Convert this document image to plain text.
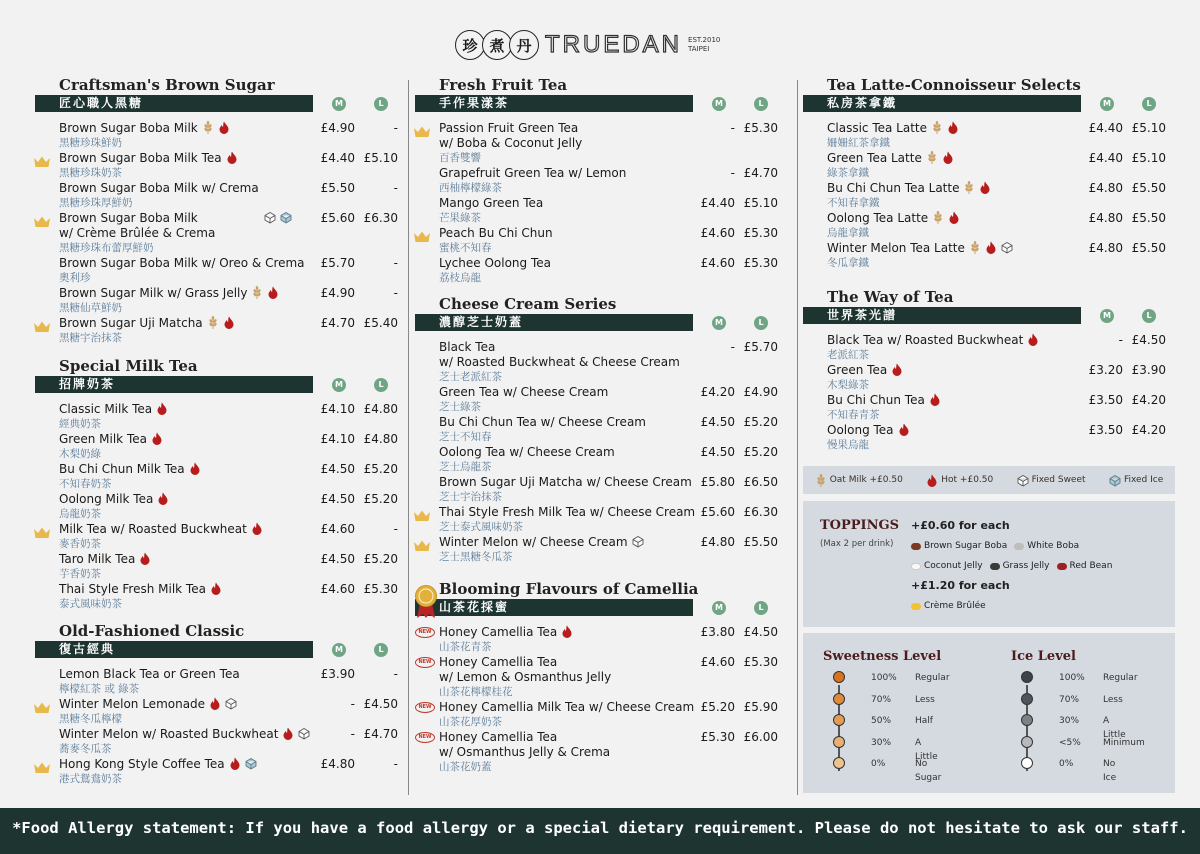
珍 煮 丹 TRUEDAN EST.2010
TAIPEI
Craftsman's Brown Sugar
匠心職人黑糖	M	L
Brown Sugar Boba Milk
黑糖珍珠鮮奶
£4.90	-
Brown Sugar Boba Milk Tea
黑糖珍珠奶茶
£4.40 £5.10
Brown Sugar Boba Milk w/ Crema
黑糖珍珠厚鮮奶
£5.50	-
Brown Sugar Boba Milk
w/ Crème Brûlée & Crema
黑糖珍珠布蕾厚鮮奶
£5.60 £6.30
Brown Sugar Boba Milk w/ Oreo & Crema
奧利珍
£5.70	-
Brown Sugar Milk w/ Grass Jelly
黑糖仙草鮮奶
£4.90	-
Brown Sugar Uji Matcha
黑糖宇治抹茶
£4.70 £5.40
Special Milk Tea
招牌奶茶	M	L
Classic Milk Tea
經典奶茶
£4.10 £4.80
Green Milk Tea
木梨奶綠
£4.10 £4.80
Bu Chi Chun Milk Tea
不知春奶茶
£4.50 £5.20
Oolong Milk Tea
烏龍奶茶
£4.50 £5.20
Milk Tea w/ Roasted Buckwheat
麥香奶茶
£4.60	-
Taro Milk Tea
芋香奶茶
£4.50 £5.20
Thai Style Fresh Milk Tea
泰式風味奶茶
£4.60 £5.30
Old-Fashioned Classic
復古經典	M	L
Lemon Black Tea or Green Tea
檸檬紅茶 或 綠茶
£3.90	-
Winter Melon Lemonade
黑糖冬瓜檸檬
- £4.50
Winter Melon w/ Roasted Buckwheat
蕎麥冬瓜茶
- £4.70
Hong Kong Style Coffee Tea
港式鴛鴦奶茶
£4.80	-
Fresh Fruit Tea
手作果漾茶	M	L
Passion Fruit Green Tea
w/ Boba & Coconut Jelly
百香雙響
- £5.30
Grapefruit Green Tea w/ Lemon
西柚檸檬綠茶
- £4.70
Mango Green Tea
芒果綠茶
£4.40 £5.10
Peach Bu Chi Chun
蜜桃不知春
£4.60 £5.30
Lychee Oolong Tea
荔枝烏龍
£4.60 £5.30
Cheese Cream Series
濃醇芝士奶蓋	M	L
Black Tea
w/ Roasted Buckwheat & Cheese Cream
芝士老派紅茶
- £5.70
Green Tea w/ Cheese Cream
芝士綠茶
£4.20 £4.90
Bu Chi Chun Tea w/ Cheese Cream
芝士不知春
£4.50 £5.20
Oolong Tea w/ Cheese Cream
芝士烏龍茶
£4.50 £5.20
Brown Sugar Uji Matcha w/ Cheese Cream
芝士宇治抹茶
£5.80 £6.50
Thai Style Fresh Milk Tea w/ Cheese Cream
芝士泰式風味奶茶
£5.60 £6.30
Winter Melon w/ Cheese Cream
芝士黑糖冬瓜茶
£4.80 £5.50
Blooming Flavours of Camellia
山茶花採蜜	M	L
NEW Honey Camellia Tea
山茶花青茶
£3.80 £4.50
NEW Honey Camellia Tea
w/ Lemon & Osmanthus Jelly
山茶花檸檬桂花
£4.60 £5.30
NEW Honey Camellia Milk Tea w/ Cheese Cream
山茶花厚奶茶
£5.20 £5.90
NEW Honey Camellia Tea
w/ Osmanthus Jelly & Crema
山茶花奶蓋
£5.30 £6.00
Tea Latte-Connoisseur Selects
私房茶拿鐵	M	L
Classic Tea Latte
姍姍紅茶拿鐵
£4.40 £5.10
Green Tea Latte
綠茶拿鐵
£4.40 £5.10
Bu Chi Chun Tea Latte
不知春拿鐵
£4.80 £5.50
Oolong Tea Latte
烏龍拿鐵
£4.80 £5.50
Winter Melon Tea Latte
冬瓜拿鐵
£4.80 £5.50
The Way of Tea
世界茶光譜	M	L
Black Tea w/ Roasted Buckwheat
老派紅茶
- £4.50
Green Tea
木梨綠茶
£3.20 £3.90
Bu Chi Chun Tea
不知春青茶
£3.50 £4.20
Oolong Tea
慢果烏龍
£3.50 £4.20
Oat Milk +£0.50	Hot +£0.50	Fixed Sweet	Fixed Ice
TOPPINGS
(Max 2 per drink)
+£0.60 for each
Brown Sugar Boba White Boba
Coconut Jelly Grass Jelly Red Bean
+£1.20 for each
Crème Brûlée
Sweetness Level
100% Regular
70%	Less
50%	Half
30%	A Little
0%	No Sugar
Ice Level
100% Regular
70%	Less
30%	A Little
<5% Minimum
0%	No Ice
*Food Allergy statement: If you have a food allergy or a special dietary requirement. Please do not hesitate to ask our staff.
